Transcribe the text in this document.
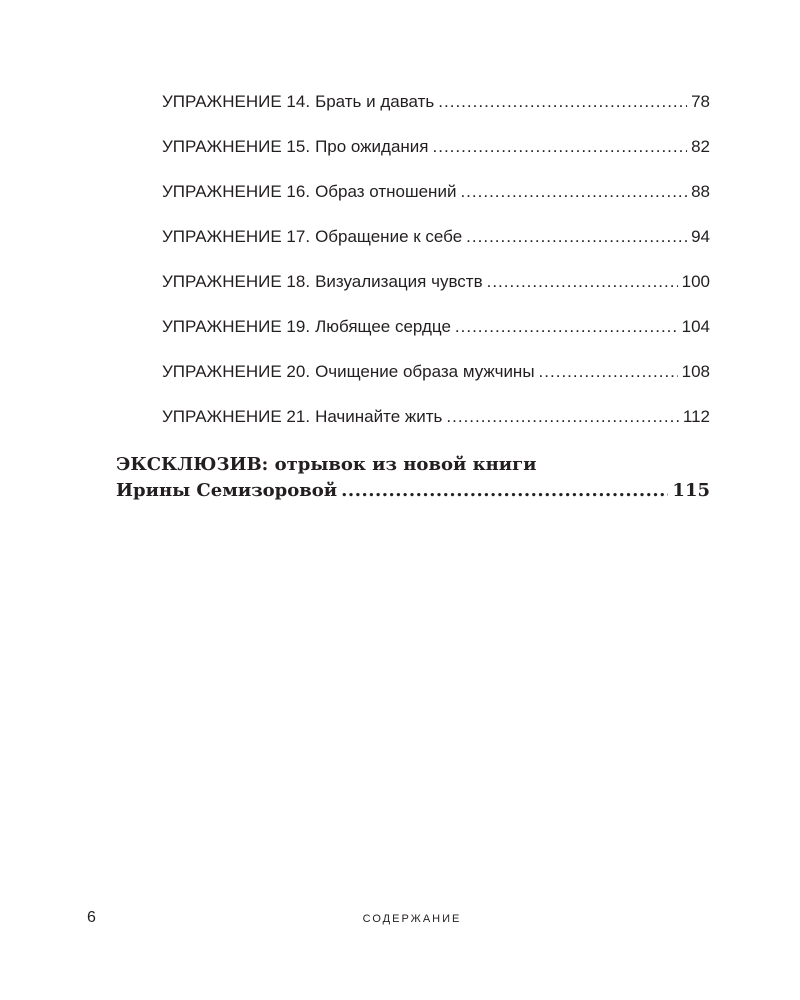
УПРАЖНЕНИЕ 14. Брать и давать .....	78
УПРАЖНЕНИЕ 15. Про ожидания .....	82
УПРАЖНЕНИЕ 16. Образ отношений .....	88
УПРАЖНЕНИЕ 17. Обращение к себе .....	94
УПРАЖНЕНИЕ 18. Визуализация чувств .....	100
УПРАЖНЕНИЕ 19. Любящее сердце .....	104
УПРАЖНЕНИЕ 20. Очищение образа мужчины .....	108
УПРАЖНЕНИЕ 21. Начинайте жить .....	112
ЭКСКЛЮЗИВ: отрывок из новой книги
Ирины Семизоровой .....	115
6	СОДЕРЖАНИЕ
